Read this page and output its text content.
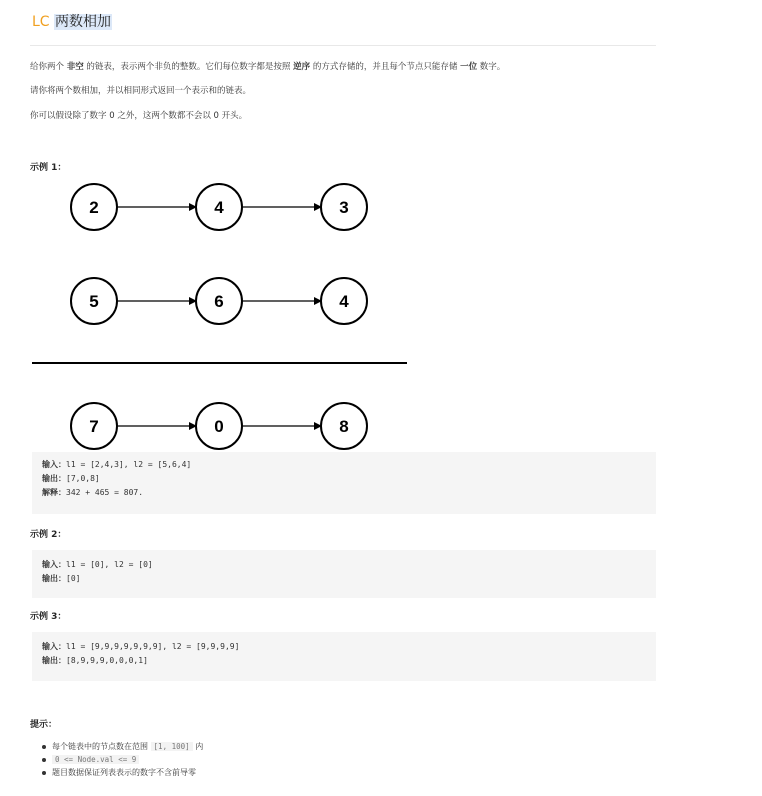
LC 两数相加
给你两个 非空 的链表，表示两个非负的整数。它们每位数字都是按照 逆序 的方式存储的，并且每个节点只能存储 一位 数字。
请你将两个数相加，并以相同形式返回一个表示和的链表。
你可以假设除了数字 0 之外，这两个数都不会以 0 开头。
示例 1：
2	4	3
5	6	4
7	0	8
输入：l1 = [2,4,3], l2 = [5,6,4]
输出：[7,0,8]
解释：342 + 465 = 807.
示例 2：
输入：l1 = [0], l2 = [0]
输出：[0]
示例 3：
输入：l1 = [9,9,9,9,9,9,9], l2 = [9,9,9,9]
输出：[8,9,9,9,0,0,0,1]
提示：
每个链表中的节点数在范围 [1, 100] 内
0 <= Node.val <= 9
题目数据保证列表表示的数字不含前导零
